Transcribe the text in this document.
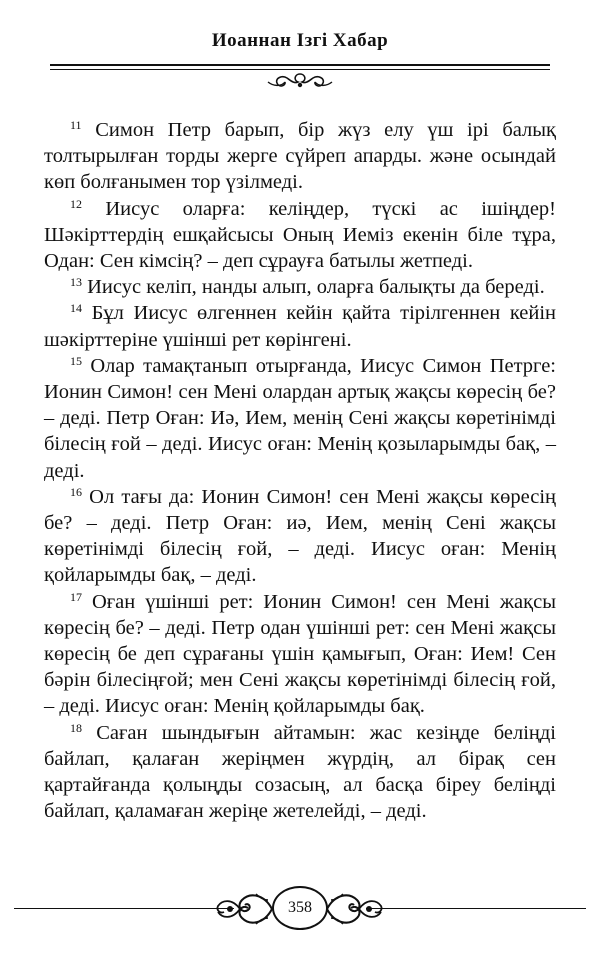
Иоаннан Ізгі Хабар

$^{11}$ Симон Петр барып, бір жүз елу үш ірі балық толтырылған торды жерге сүйреп апарды. және осындай көп болғанымен тор үзілмеді.

$^{12}$ Иисус оларға: келіңдер, түскі ас ішіңдер! Шәкірттердің ешқайсысы Оның Иеміз екенін біле тұра, Одан: Сен кімсің? – деп сұрауға батылы жетпеді.

$^{13}$ Иисус келіп, нанды алып, оларға балықты да береді.

$^{14}$ Бұл Иисус өлгеннен кейін қайта тірілгеннен кейін шәкірттеріне үшінші рет көрінгені.

$^{15}$ Олар тамақтанып отырғанда, Иисус Симон Петрге: Ионин Симон! сен Мені олардан артық жақсы көресің бе? – деді. Петр Оған: Иә, Ием, менің Сені жақсы көретінімді білесің ғой – деді. Иисус оған: Менің қозыларымды бақ, – деді.

$^{16}$ Ол тағы да: Ионин Симон! сен Мені жақсы көресің бе? – деді. Петр Оған: иә, Ием, менің Сені жақсы көретінімді білесің ғой, – деді. Иисус оған: Менің қойларымды бақ, – деді.

$^{17}$ Оған үшінші рет: Ионин Симон! сен Мені жақсы көресің бе? – деді. Петр одан үшінші рет: сен Мені жақсы көресің бе деп сұрағаны үшін қамығып, Оған: Ием! Сен бәрін білесіңғой; мен Сені жақсы көретінімді білесің ғой, – деді. Иисус оған: Менің қойларымды бақ.

$^{18}$ Саған шындығын айтамын: жас кезіңде беліңді байлап, қалаған жеріңмен жүрдің, ал бірақ сен қартайғанда қолыңды созасың, ал басқа біреу беліңді байлап, қаламаған жеріңе жетелейді, – деді.

358
